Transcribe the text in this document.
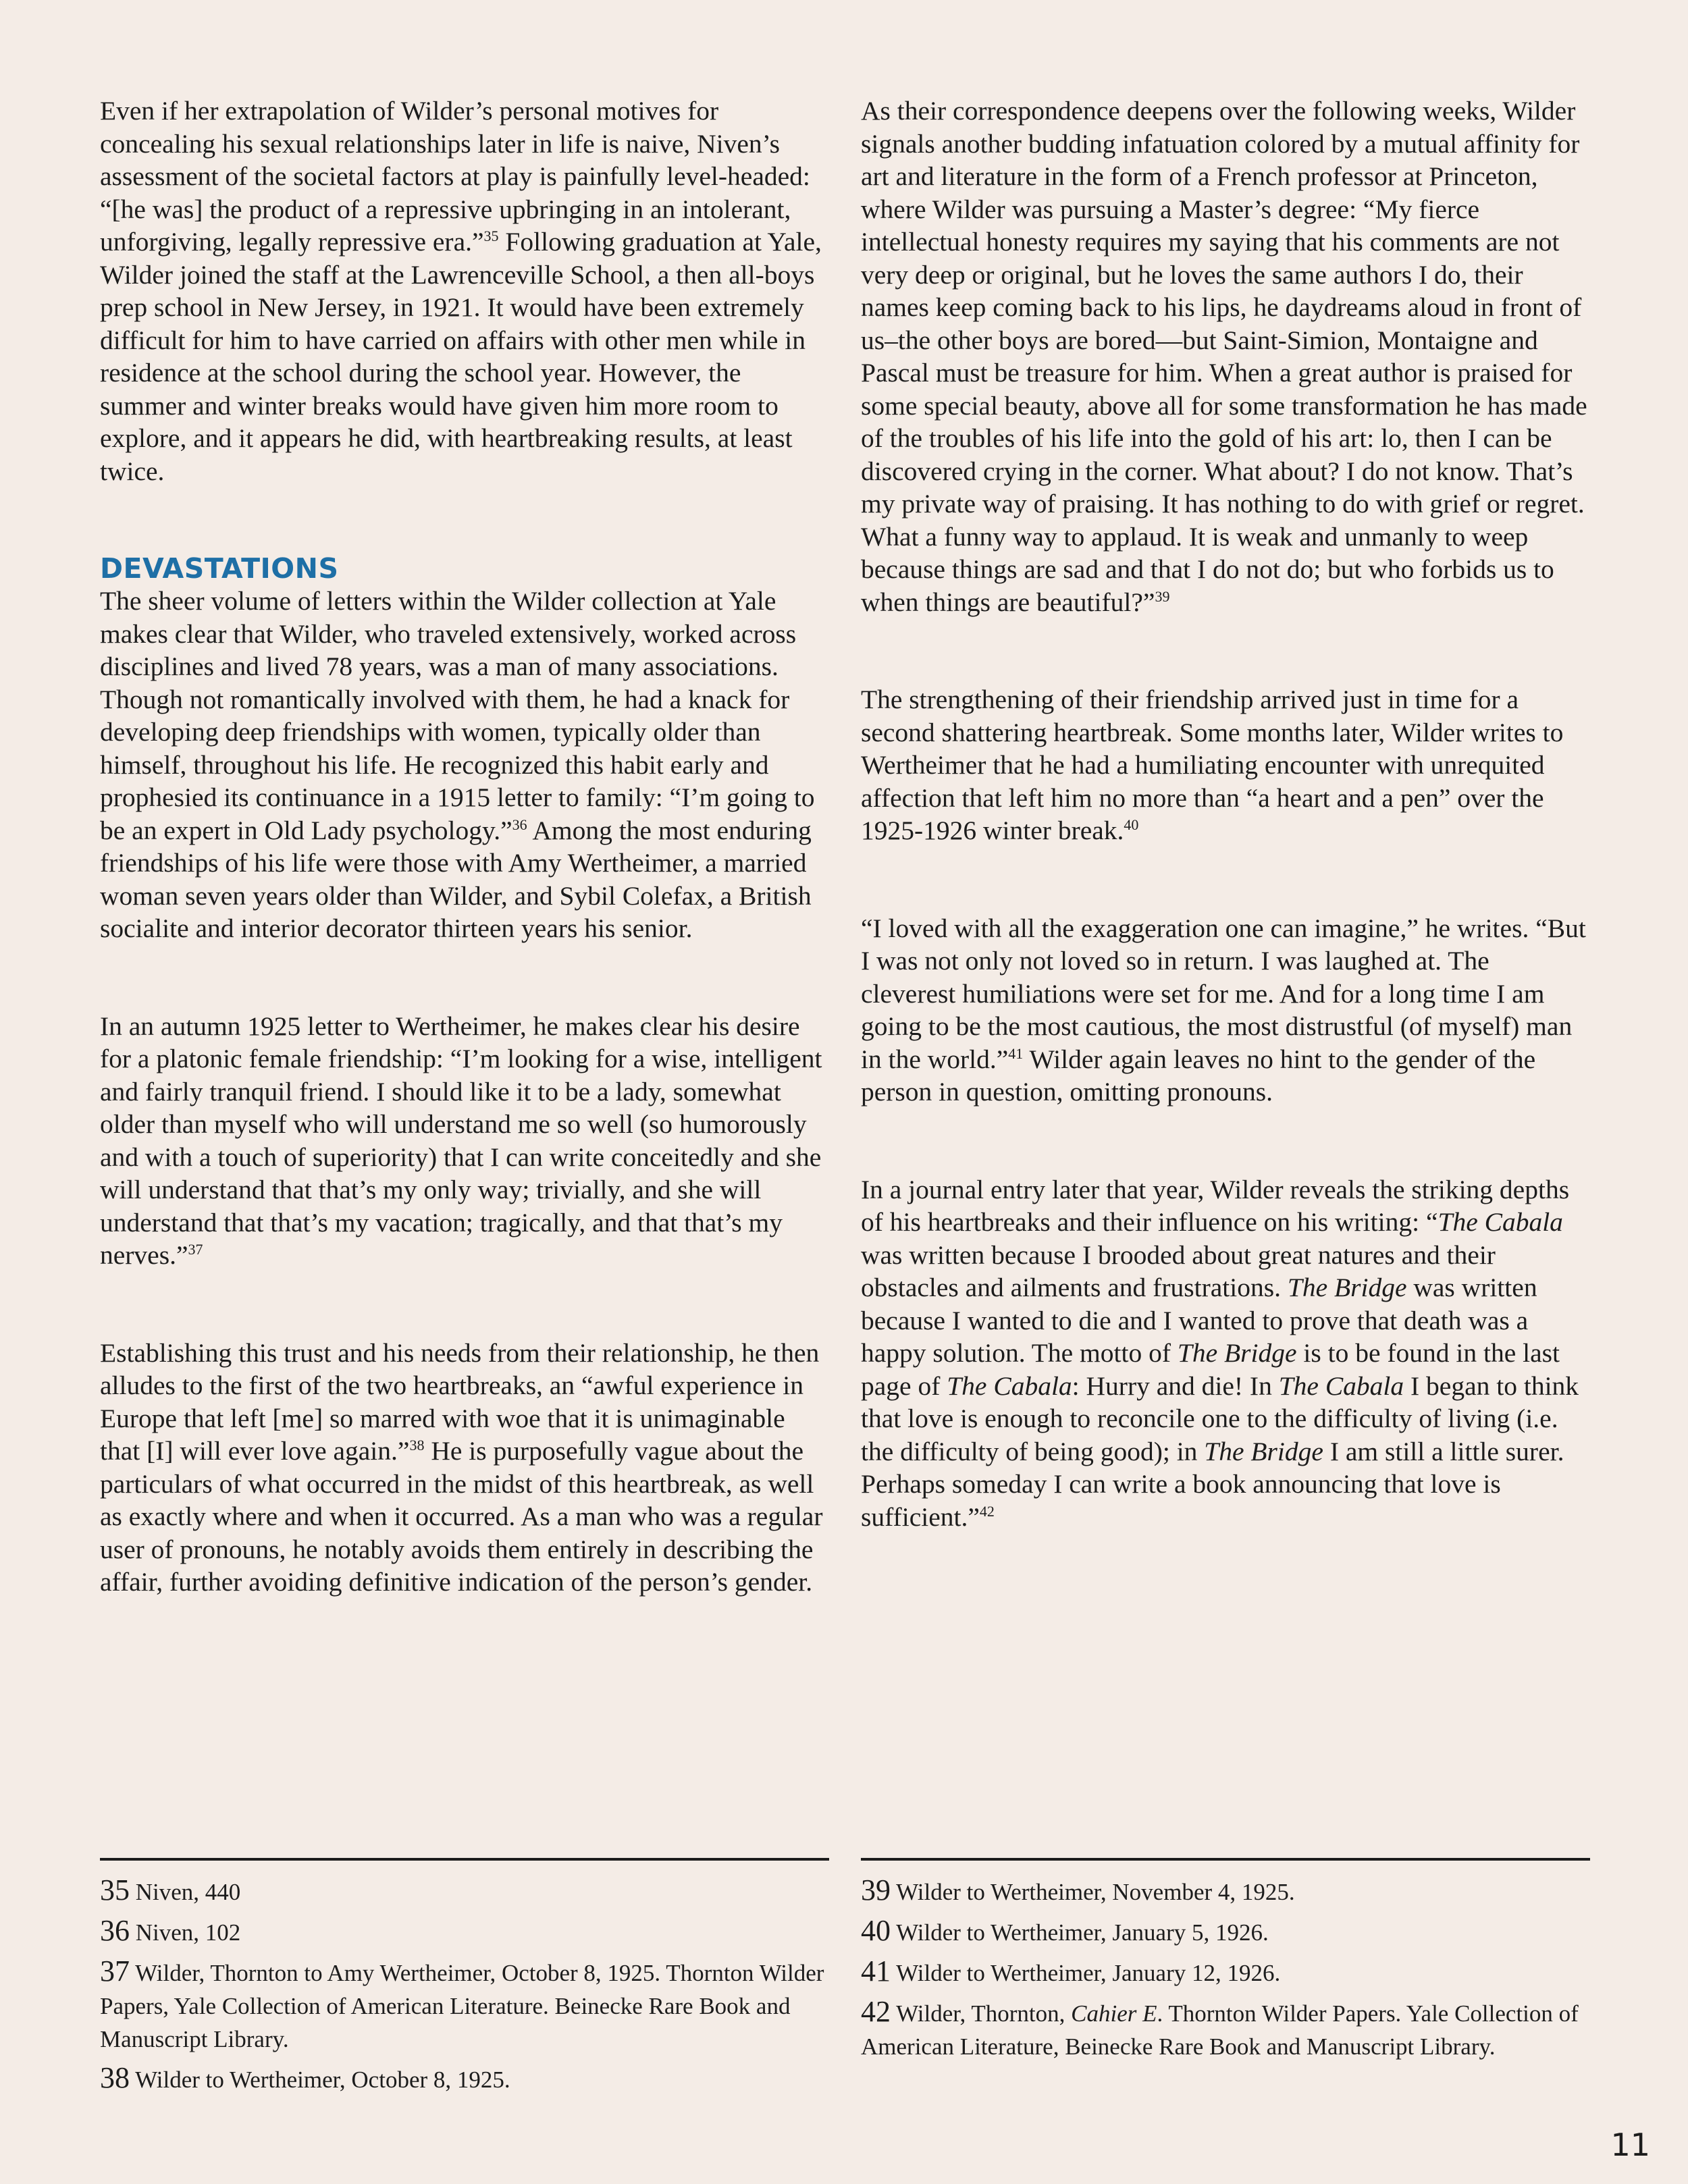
Even if her extrapolation of Wilder’s personal motives for concealing his sexual relationships later in life is naive, Niven’s assessment of the societal factors at play is painfully level-headed: “[he was] the product of a repressive upbringing in an intolerant, unforgiving, legally repressive era.”$^{35}$ Following graduation at Yale, Wilder joined the staff at the Lawrenceville School, a then all-boys prep school in New Jersey, in 1921. It would have been extremely difficult for him to have carried on affairs with other men while in residence at the school during the school year. However, the summer and winter breaks would have given him more room to explore, and it appears he did, with heartbreaking results, at least twice.

DEVASTATIONS

The sheer volume of letters within the Wilder collection at Yale makes clear that Wilder, who traveled extensively, worked across disciplines and lived 78 years, was a man of many associations. Though not romantically involved with them, he had a knack for developing deep friendships with women, typically older than himself, throughout his life. He recognized this habit early and prophesied its continuance in a 1915 letter to family: “I’m going to be an expert in Old Lady psychology.”$^{36}$ Among the most enduring friendships of his life were those with Amy Wertheimer, a married woman seven years older than Wilder, and Sybil Colefax, a British socialite and interior decorator thirteen years his senior.

In an autumn 1925 letter to Wertheimer, he makes clear his desire for a platonic female friendship: “I’m looking for a wise, intelligent and fairly tranquil friend. I should like it to be a lady, somewhat older than myself who will understand me so well (so humorously and with a touch of superiority) that I can write conceitedly and she will understand that that’s my only way; trivially, and she will understand that that’s my vacation; tragically, and that that’s my nerves.”$^{37}$

Establishing this trust and his needs from their relationship, he then alludes to the first of the two heartbreaks, an “awful experience in Europe that left [me] so marred with woe that it is unimaginable that [I] will ever love again.”$^{38}$ He is purposefully vague about the particulars of what occurred in the midst of this heartbreak, as well as exactly where and when it occurred. As a man who was a regular user of pronouns, he notably avoids them entirely in describing the affair, further avoiding definitive indication of the person’s gender.

As their correspondence deepens over the following weeks, Wilder signals another budding infatuation colored by a mutual affinity for art and literature in the form of a French professor at Princeton, where Wilder was pursuing a Master’s degree: “My fierce intellectual honesty requires my saying that his comments are not very deep or original, but he loves the same authors I do, their names keep coming back to his lips, he daydreams aloud in front of us–the other boys are bored—but Saint-Simion, Montaigne and Pascal must be treasure for him. When a great author is praised for some special beauty, above all for some transformation he has made of the troubles of his life into the gold of his art: lo, then I can be discovered crying in the corner. What about? I do not know. That’s my private way of praising. It has nothing to do with grief or regret. What a funny way to applaud. It is weak and unmanly to weep because things are sad and that I do not do; but who forbids us to when things are beautiful?”$^{39}$

The strengthening of their friendship arrived just in time for a second shattering heartbreak. Some months later, Wilder writes to Wertheimer that he had a humiliating encounter with unrequited affection that left him no more than “a heart and a pen” over the 1925-1926 winter break.$^{40}$

“I loved with all the exaggeration one can imagine,” he writes. “But I was not only not loved so in return. I was laughed at. The cleverest humiliations were set for me. And for a long time I am going to be the most cautious, the most distrustful (of myself) man in the world.”$^{41}$ Wilder again leaves no hint to the gender of the person in question, omitting pronouns.

In a journal entry later that year, Wilder reveals the striking depths of his heartbreaks and their influence on his writing: “The Cabala was written because I brooded about great natures and their obstacles and ailments and frustrations. The Bridge was written because I wanted to die and I wanted to prove that death was a happy solution. The motto of The Bridge is to be found in the last page of The Cabala: Hurry and die! In The Cabala I began to think that love is enough to reconcile one to the difficulty of living (i.e. the difficulty of being good); in The Bridge I am still a little surer. Perhaps someday I can write a book announcing that love is sufficient.”$^{42}$

35 Niven, 440

36 Niven, 102

37 Wilder, Thornton to Amy Wertheimer, October 8, 1925. Thornton Wilder Papers, Yale Collection of American Literature. Beinecke Rare Book and Manuscript Library.

38 Wilder to Wertheimer, October 8, 1925.

39 Wilder to Wertheimer, November 4, 1925.

40 Wilder to Wertheimer, January 5, 1926.

41 Wilder to Wertheimer, January 12, 1926.

42 Wilder, Thornton, Cahier E. Thornton Wilder Papers. Yale Collection of American Literature, Beinecke Rare Book and Manuscript Library.

11
